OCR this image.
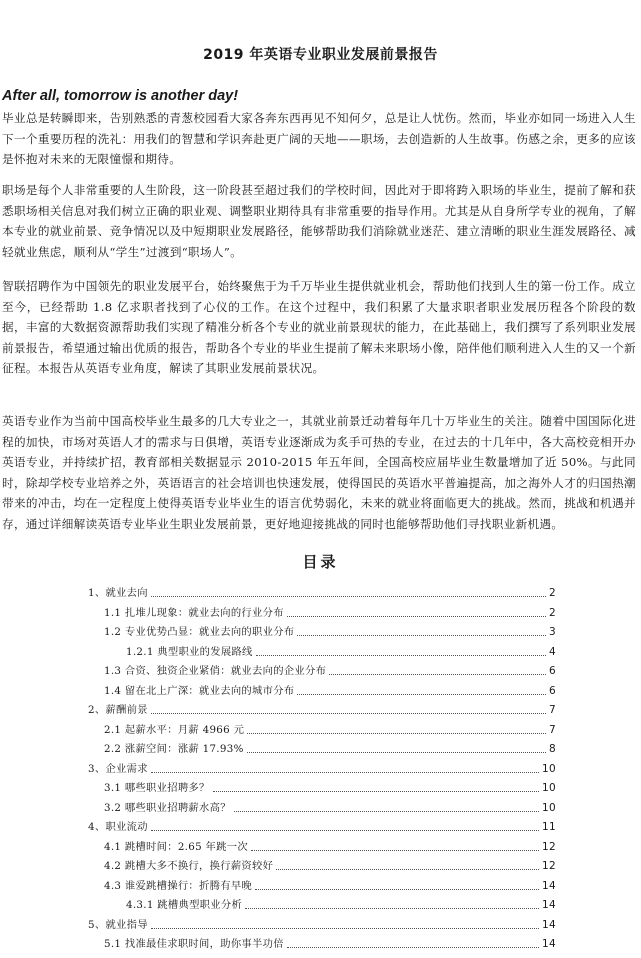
2019 年英语专业职业发展前景报告
After all, tomorrow is another day!

毕业总是转瞬即来，告别熟悉的青葱校园看大家各奔东西再见不知何夕，总是让人忧伤。然而，毕业亦如同一场进入人生下一个重要历程的洗礼：用我们的智慧和学识奔赴更广阔的天地——职场，去创造新的人生故事。伤感之余，更多的应该是怀抱对未来的无限憧憬和期待。

职场是每个人非常重要的人生阶段，这一阶段甚至超过我们的学校时间，因此对于即将跨入职场的毕业生，提前了解和获悉职场相关信息对我们树立正确的职业观、调整职业期待具有非常重要的指导作用。尤其是从自身所学专业的视角，了解本专业的就业前景、竞争情况以及中短期职业发展路径，能够帮助我们消除就业迷茫、建立清晰的职业生涯发展路径、减轻就业焦虑，顺利从“学生”过渡到“职场人”。

智联招聘作为中国领先的职业发展平台，始终聚焦于为千万毕业生提供就业机会，帮助他们找到人生的第一份工作。成立至今，已经帮助 1.8 亿求职者找到了心仪的工作。在这个过程中，我们积累了大量求职者职业发展历程各个阶段的数据，丰富的大数据资源帮助我们实现了精准分析各个专业的就业前景现状的能力，在此基础上，我们撰写了系列职业发展前景报告，希望通过输出优质的报告，帮助各个专业的毕业生提前了解未来职场小像，陪伴他们顺利进入人生的又一个新征程。本报告从英语专业角度，解读了其职业发展前景状况。

英语专业作为当前中国高校毕业生最多的几大专业之一，其就业前景迁动着每年几十万毕业生的关注。随着中国国际化进程的加快，市场对英语人才的需求与日俱增，英语专业逐渐成为炙手可热的专业，在过去的十几年中，各大高校竞相开办英语专业，并持续扩招，教育部相关数据显示 2010-2015 年五年间，全国高校应届毕业生数量增加了近 50%。与此同时，除却学校专业培养之外，英语语言的社会培训也快速发展，使得国民的英语水平普遍提高，加之海外人才的归国热潮带来的冲击，均在一定程度上使得英语专业毕业生的语言优势弱化，未来的就业将面临更大的挑战。然而，挑战和机遇并存，通过详细解读英语专业毕业生职业发展前景，更好地迎接挑战的同时也能够帮助他们寻找职业新机遇。

目录
1、就业去向	2
1.1 扎堆儿现象：就业去向的行业分布	2
1.2 专业优势凸显：就业去向的职业分布	3
1.2.1 典型职业的发展路线	4
1.3 合资、独资企业紧俏：就业去向的企业分布	6
1.4 留在北上广深：就业去向的城市分布	6
2、薪酬前景	7
2.1 起薪水平：月薪 4966 元	7
2.2 涨薪空间：涨薪 17.93%	8
3、企业需求	10
3.1 哪些职业招聘多？	10
3.2 哪些职业招聘薪水高？	10
4、职业流动	11
4.1 跳槽时间：2.65 年跳一次	12
4.2 跳槽大多不换行，换行薪资较好	12
4.3 谁爱跳槽操行：折腾有早晚	14
4.3.1 跳槽典型职业分析	14
5、就业指导	14
5.1 找准最佳求职时间，助你事半功倍	14
